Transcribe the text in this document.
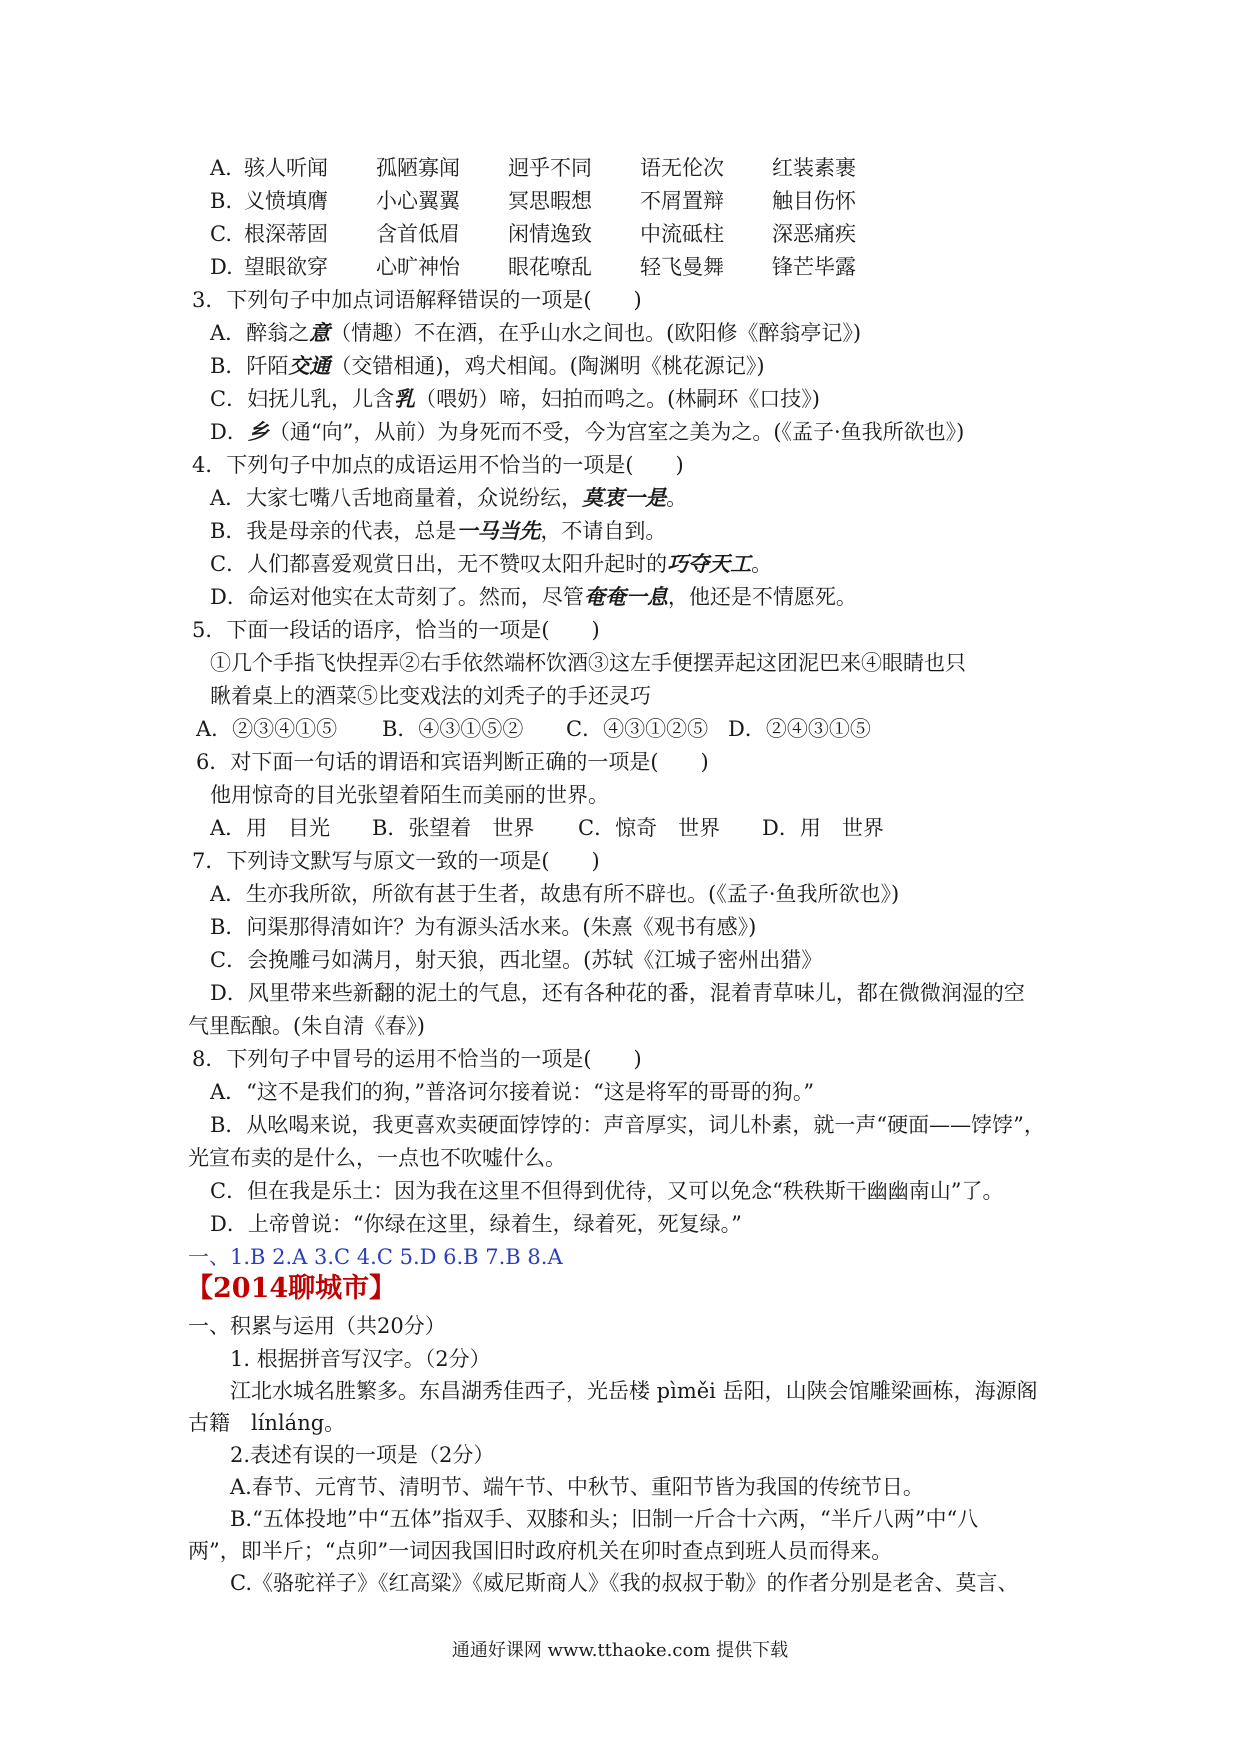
A. 骇人听闻 孤陋寡闻 迥乎不同 语无伦次 红装素裹
B. 义愤填膺 小心翼翼 冥思暇想 不屑置辩 触目伤怀
C. 根深蒂固 含首低眉 闲情逸致 中流砥柱 深恶痛疾
D. 望眼欲穿 心旷神怡 眼花嘹乱 轻飞曼舞 锋芒毕露
3．下列句子中加点词语解释错误的一项是(　　)
A．醉翁之意（情趣）不在酒，在乎山水之间也。(欧阳修《醉翁亭记》)
B．阡陌交通（交错相通)，鸡犬相闻。(陶渊明《桃花源记》)
C．妇抚儿乳，儿含乳（喂奶）啼，妇拍而鸣之。(林嗣环《口技》)
D．乡（通“向”，从前）为身死而不受，今为宫室之美为之。(《孟子·鱼我所欲也》)
4．下列句子中加点的成语运用不恰当的一项是(　　)
A．大家七嘴八舌地商量着，众说纷纭，莫衷一是。
B．我是母亲的代表，总是一马当先，不请自到。
C．人们都喜爱观赏日出，无不赞叹太阳升起时的巧夺天工。
D．命运对他实在太苛刻了。然而，尽管奄奄一息，他还是不情愿死。
5．下面一段话的语序，恰当的一项是(　　)
①几个手指飞快捏弄②右手依然端杯饮酒③这左手便摆弄起这团泥巴来④眼睛也只
瞅着桌上的酒菜⑤比变戏法的刘秃子的手还灵巧
A．②③④①⑤ B．④③①⑤② C．④③①②⑤ D．②④③①⑤
6．对下面一句话的谓语和宾语判断正确的一项是(　　)
他用惊奇的目光张望着陌生而美丽的世界。
A．用　目光 B．张望着　世界 C．惊奇　世界 D．用　世界
7．下列诗文默写与原文一致的一项是(　　)
A．生亦我所欲，所欲有甚于生者，故患有所不辟也。(《孟子·鱼我所欲也》)
B．问渠那得清如许？为有源头活水来。(朱熹《观书有感》)
C．会挽雕弓如满月，射天狼，西北望。(苏轼《江城子密州出猎》
D．风里带来些新翻的泥土的气息，还有各种花的番，混着青草味儿，都在微微润湿的空
气里酝酿。(朱自清《春》)
8．下列句子中冒号的运用不恰当的一项是(　　)
A．“这不是我们的狗，”普洛诃尔接着说：“这是将军的哥哥的狗。”
B．从吆喝来说，我更喜欢卖硬面饽饽的：声音厚实，词儿朴素，就一声“硬面——饽饽”，
光宣布卖的是什么，一点也不吹嘘什么。
C．但在我是乐土：因为我在这里不但得到优待，又可以免念“秩秩斯干幽幽南山”了。
D．上帝曾说：“你绿在这里，绿着生，绿着死，死复绿。”
一、1.B 2.A 3.C 4.C 5.D 6.B 7.B 8.A
【2014聊城市】
一、积累与运用（共20分）
1. 根据拼音写汉字。（2分）
江北水城名胜繁多。东昌湖秀佳西子，光岳楼 pìměi 岳阳，山陕会馆雕梁画栋，海源阁
古籍　línláng。
2.表述有误的一项是（2分）
A.春节、元宵节、清明节、端午节、中秋节、重阳节皆为我国的传统节日。
B.“五体投地”中“五体”指双手、双膝和头；旧制一斤合十六两，“半斤八两”中“八
两”，即半斤；“点卯”一词因我国旧时政府机关在卯时查点到班人员而得来。
C.《骆驼祥子》《红高粱》《威尼斯商人》《我的叔叔于勒》的作者分别是老舍、莫言、
通通好课网 www.tthaoke.com 提供下载
